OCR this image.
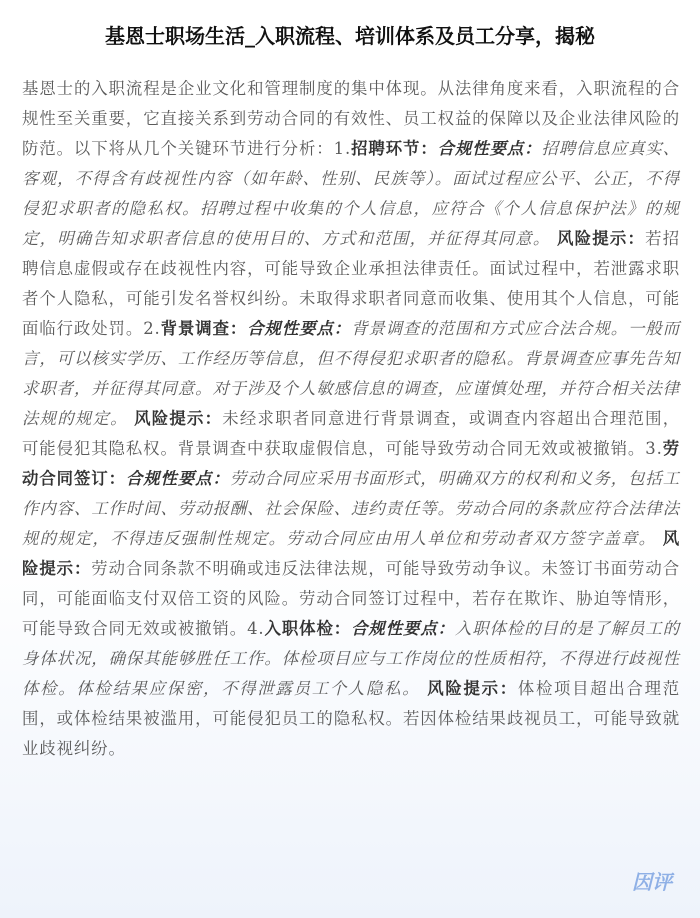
基恩士职场生活_入职流程、培训体系及员工分享，揭秘
基恩士的入职流程是企业文化和管理制度的集中体现。从法律角度来看，入职流程的合规性至关重要，它直接关系到劳动合同的有效性、员工权益的保障以及企业法律风险的防范。以下将从几个关键环节进行分析：1.招聘环节：合规性要点：招聘信息应真实、客观，不得含有歧视性内容（如年龄、性别、民族等）。面试过程应公平、公正，不得侵犯求职者的隐私权。招聘过程中收集的个人信息，应符合《个人信息保护法》的规定，明确告知求职者信息的使用目的、方式和范围，并征得其同意。 风险提示：若招聘信息虚假或存在歧视性内容，可能导致企业承担法律责任。面试过程中，若泄露求职者个人隐私，可能引发名誉权纠纷。未取得求职者同意而收集、使用其个人信息，可能面临行政处罚。2.背景调查：合规性要点：背景调查的范围和方式应合法合规。一般而言，可以核实学历、工作经历等信息，但不得侵犯求职者的隐私。背景调查应事先告知求职者，并征得其同意。对于涉及个人敏感信息的调查，应谨慎处理，并符合相关法律法规的规定。 风险提示：未经求职者同意进行背景调查，或调查内容超出合理范围，可能侵犯其隐私权。背景调查中获取虚假信息，可能导致劳动合同无效或被撤销。3.劳动合同签订：合规性要点：劳动合同应采用书面形式，明确双方的权利和义务，包括工作内容、工作时间、劳动报酬、社会保险、违约责任等。劳动合同的条款应符合法律法规的规定，不得违反强制性规定。劳动合同应由用人单位和劳动者双方签字盖章。 风险提示：劳动合同条款不明确或违反法律法规，可能导致劳动争议。未签订书面劳动合同，可能面临支付双倍工资的风险。劳动合同签订过程中，若存在欺诈、胁迫等情形，可能导致合同无效或被撤销。4.入职体检：合规性要点：入职体检的目的是了解员工的身体状况，确保其能够胜任工作。体检项目应与工作岗位的性质相符，不得进行歧视性体检。体检结果应保密，不得泄露员工个人隐私。 风险提示：体检项目超出合理范围，或体检结果被滥用，可能侵犯员工的隐私权。若因体检结果歧视员工，可能导致就业歧视纠纷。
因评
